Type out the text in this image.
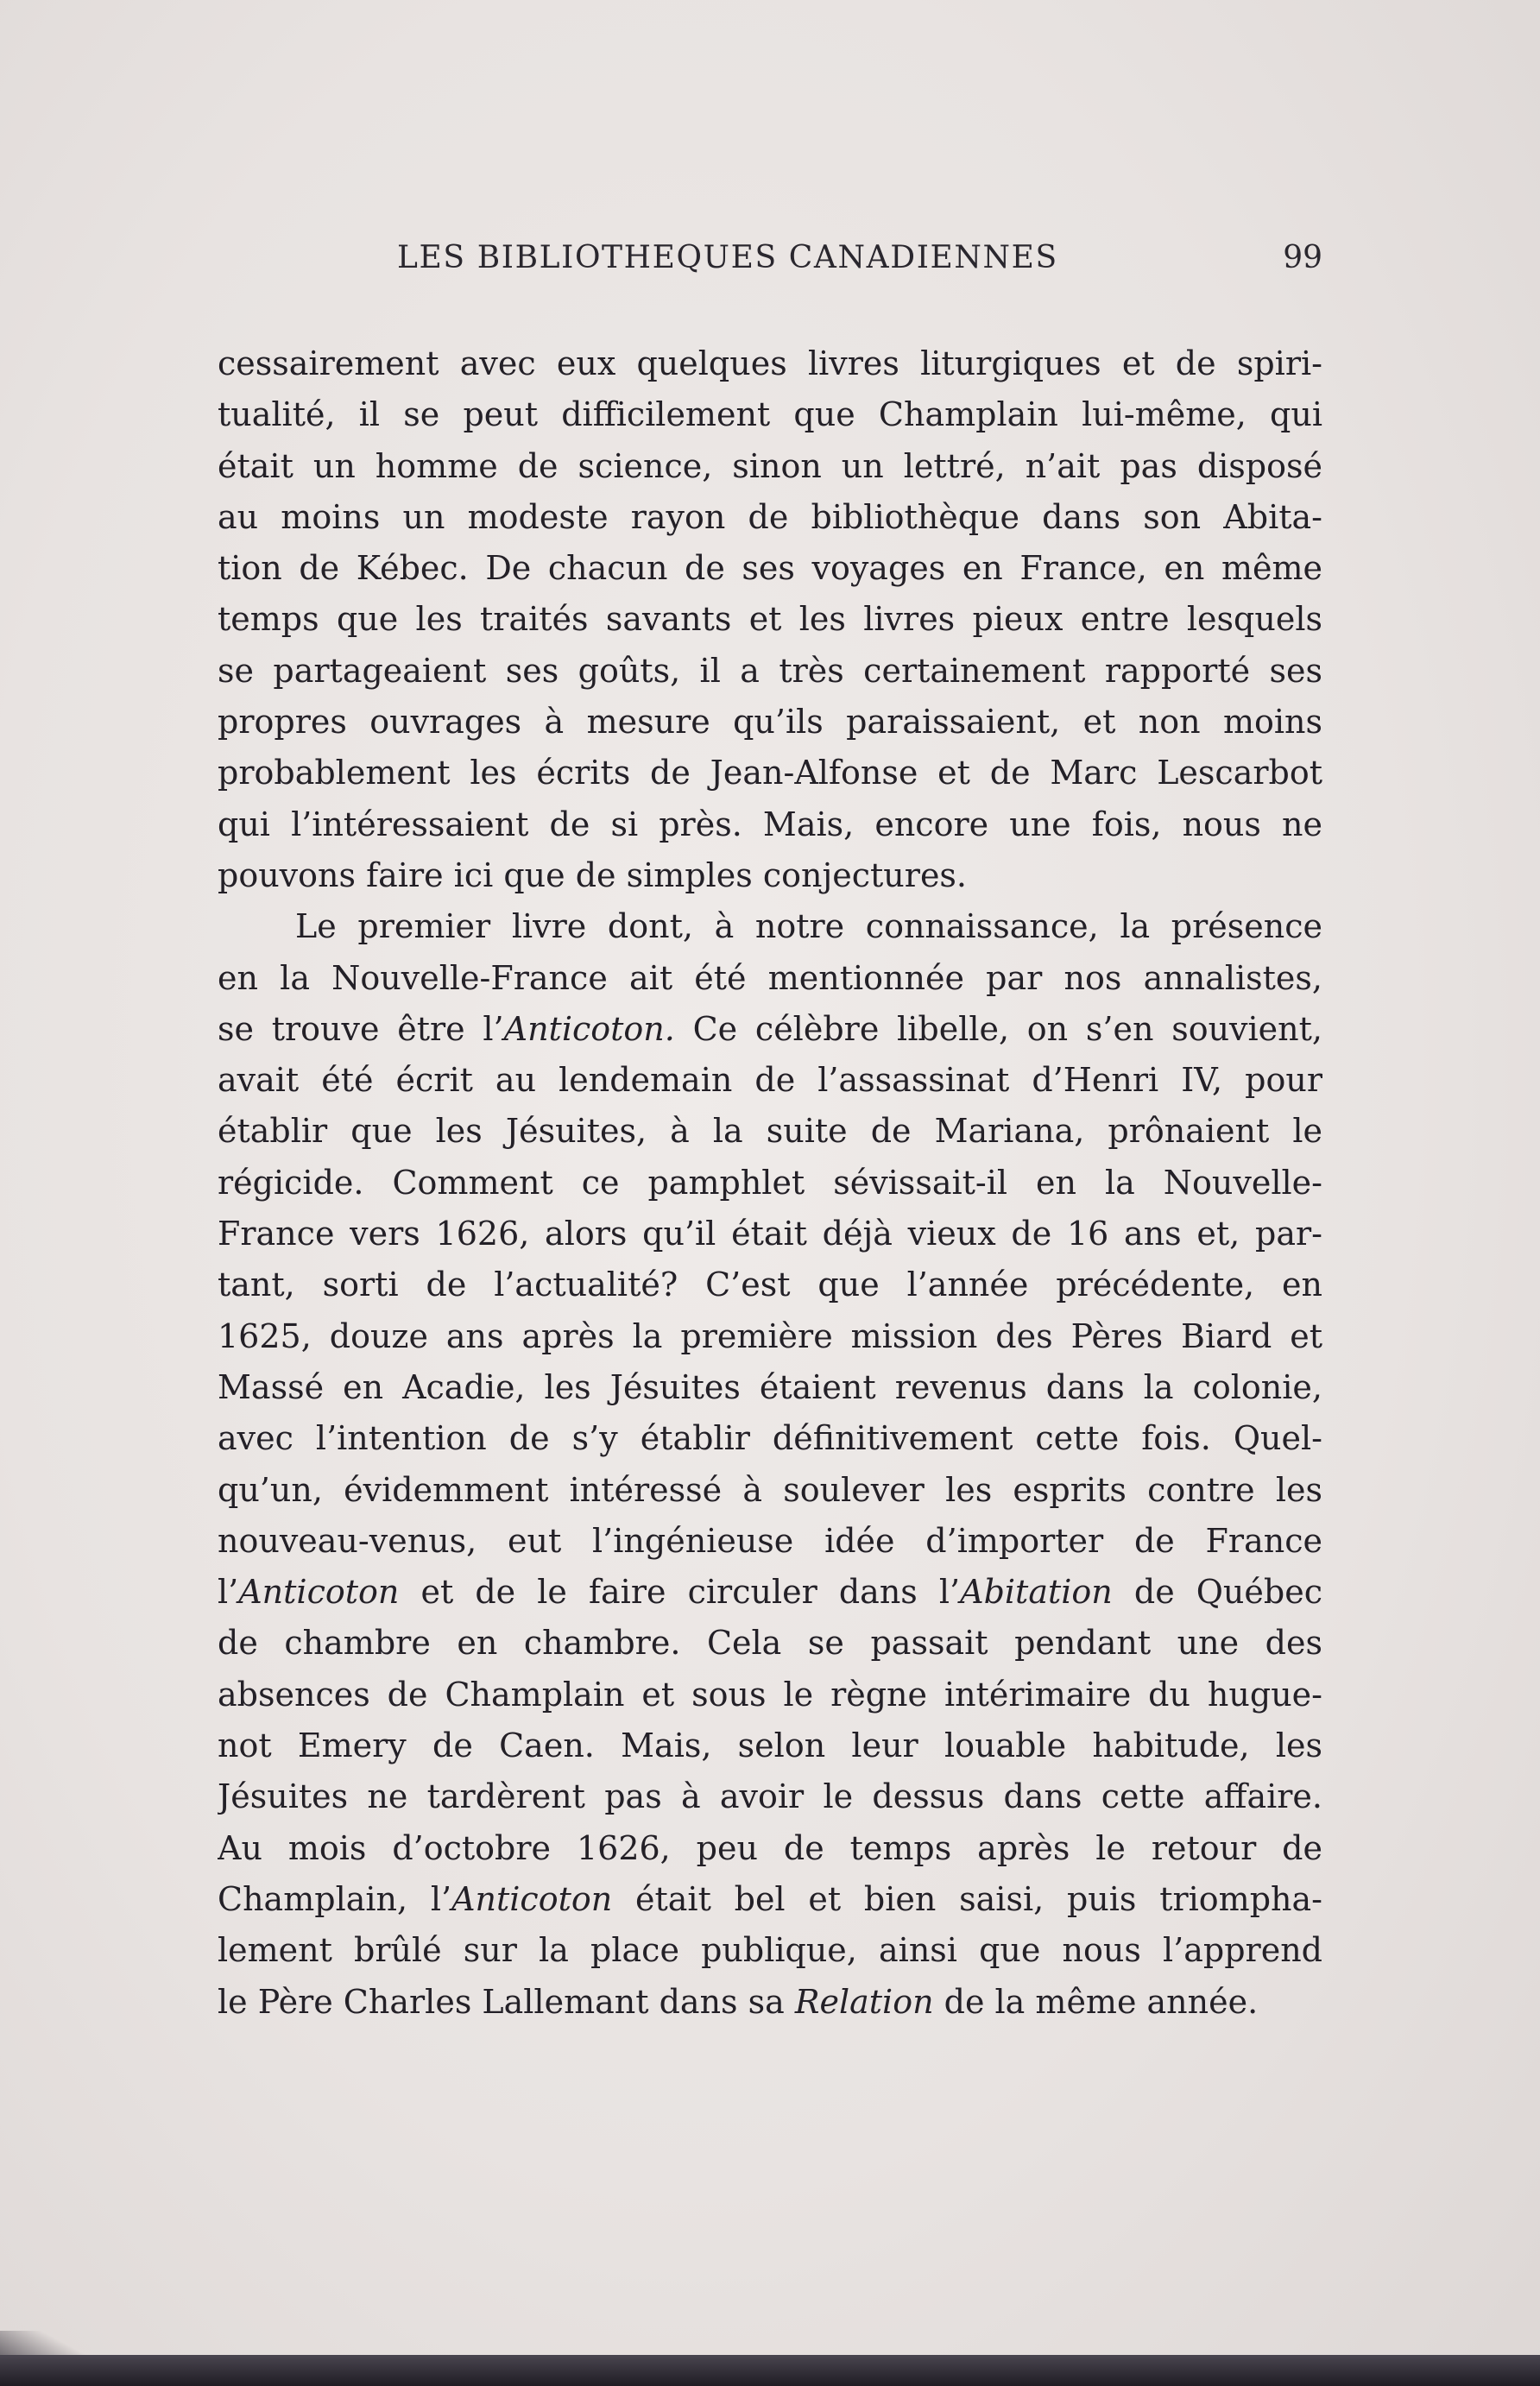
LES BIBLIOTHEQUES CANADIENNES	99
cessairement avec eux quelques livres liturgiques et de spiri-
tualité, il se peut difficilement que Champlain lui-même, qui
était un homme de science, sinon un lettré, n’ait pas disposé
au moins un modeste rayon de bibliothèque dans son Abita-
tion de Kébec. De chacun de ses voyages en France, en même
temps que les traités savants et les livres pieux entre lesquels
se partageaient ses goûts, il a très certainement rapporté ses
propres ouvrages à mesure qu’ils paraissaient, et non moins
probablement les écrits de Jean-Alfonse et de Marc Lescarbot
qui l’intéressaient de si près. Mais, encore une fois, nous ne
pouvons faire ici que de simples conjectures.
Le premier livre dont, à notre connaissance, la présence
en la Nouvelle-France ait été mentionnée par nos annalistes,
se trouve être l’Anticoton. Ce célèbre libelle, on s’en souvient,
avait été écrit au lendemain de l’assassinat d’Henri IV, pour
établir que les Jésuites, à la suite de Mariana, prônaient le
régicide. Comment ce pamphlet sévissait-il en la Nouvelle-
France vers 1626, alors qu’il était déjà vieux de 16 ans et, par-
tant, sorti de l’actualité? C’est que l’année précédente, en
1625, douze ans après la première mission des Pères Biard et
Massé en Acadie, les Jésuites étaient revenus dans la colonie,
avec l’intention de s’y établir définitivement cette fois. Quel-
qu’un, évidemment intéressé à soulever les esprits contre les
nouveau-venus, eut l’ingénieuse idée d’importer de France
l’Anticoton et de le faire circuler dans l’Abitation de Québec
de chambre en chambre. Cela se passait pendant une des
absences de Champlain et sous le règne intérimaire du hugue-
not Emery de Caen. Mais, selon leur louable habitude, les
Jésuites ne tardèrent pas à avoir le dessus dans cette affaire.
Au mois d’octobre 1626, peu de temps après le retour de
Champlain, l’Anticoton était bel et bien saisi, puis triompha-
lement brûlé sur la place publique, ainsi que nous l’apprend
le Père Charles Lallemant dans sa Relation de la même année.
